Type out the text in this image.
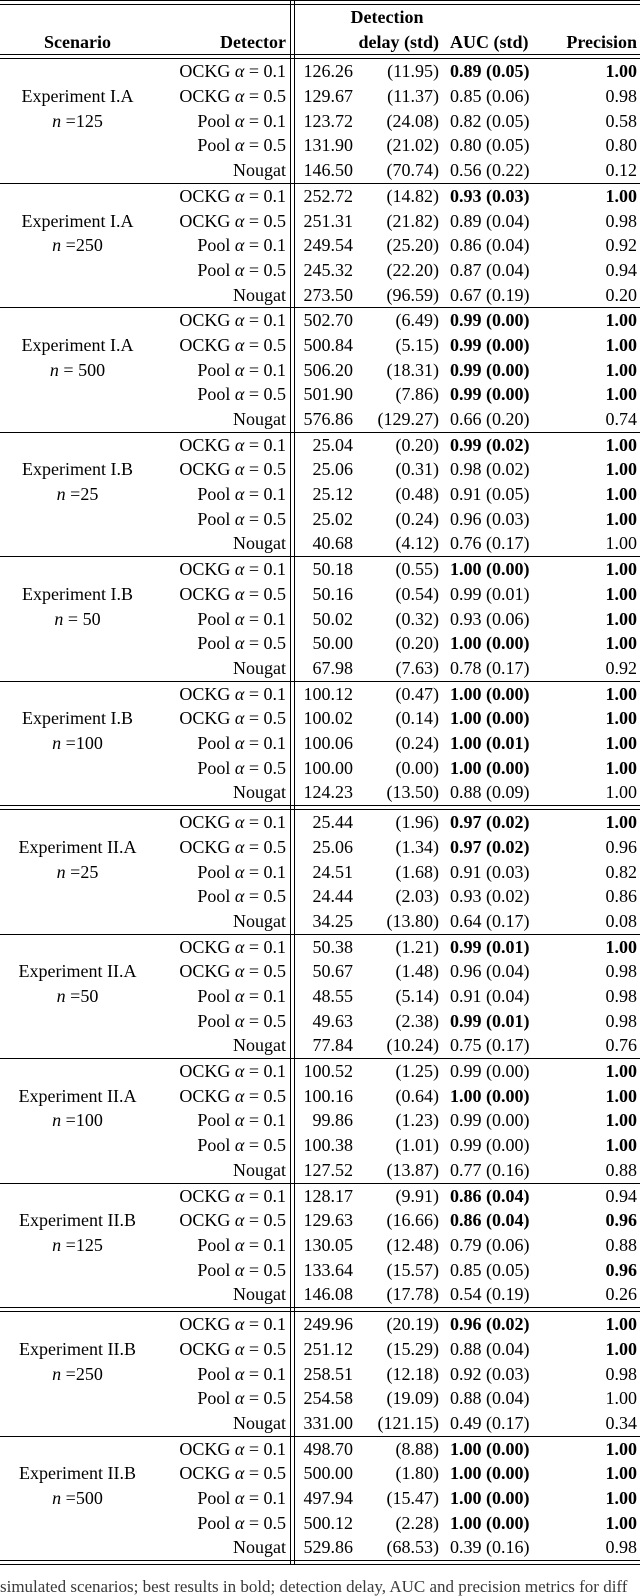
Detection
Scenario	Detector	delay (std) AUC (std)	Precision
Experiment I.A
n =125
OCKG α = 0.1 126.26	(11.95) 0.89 (0.05)	1.00
OCKG α = 0.5 129.67	(11.37) 0.85 (0.06)	0.98
Pool α = 0.1 123.72	(24.08) 0.82 (0.05)	0.58
Pool α = 0.5 131.90	(21.02) 0.80 (0.05)	0.80
Nougat 146.50	(70.74) 0.56 (0.22)	0.12
Experiment I.A
n =250
OCKG α = 0.1 252.72	(14.82) 0.93 (0.03)	1.00
OCKG α = 0.5 251.31	(21.82) 0.89 (0.04)	0.98
Pool α = 0.1 249.54	(25.20) 0.86 (0.04)	0.92
Pool α = 0.5 245.32	(22.20) 0.87 (0.04)	0.94
Nougat 273.50	(96.59) 0.67 (0.19)	0.20
Experiment I.A
n = 500
OCKG α = 0.1 502.70	(6.49) 0.99 (0.00)	1.00
OCKG α = 0.5 500.84	(5.15) 0.99 (0.00)	1.00
Pool α = 0.1 506.20	(18.31) 0.99 (0.00)	1.00
Pool α = 0.5 501.90	(7.86) 0.99 (0.00)	1.00
Nougat 576.86	(129.27) 0.66 (0.20)	0.74
Experiment I.B
n =25
OCKG α = 0.1	25.04	(0.20) 0.99 (0.02)	1.00
OCKG α = 0.5	25.06	(0.31) 0.98 (0.02)	1.00
Pool α = 0.1	25.12	(0.48) 0.91 (0.05)	1.00
Pool α = 0.5	25.02	(0.24) 0.96 (0.03)	1.00
Nougat	40.68	(4.12) 0.76 (0.17)	1.00
Experiment I.B
n = 50
OCKG α = 0.1	50.18	(0.55) 1.00 (0.00)	1.00
OCKG α = 0.5	50.16	(0.54) 0.99 (0.01)	1.00
Pool α = 0.1	50.02	(0.32) 0.93 (0.06)	1.00
Pool α = 0.5	50.00	(0.20) 1.00 (0.00)	1.00
Nougat	67.98	(7.63) 0.78 (0.17)	0.92
Experiment I.B
n =100
OCKG α = 0.1 100.12	(0.47) 1.00 (0.00)	1.00
OCKG α = 0.5 100.02	(0.14) 1.00 (0.00)	1.00
Pool α = 0.1 100.06	(0.24) 1.00 (0.01)	1.00
Pool α = 0.5 100.00	(0.00) 1.00 (0.00)	1.00
Nougat 124.23	(13.50) 0.88 (0.09)	1.00
Experiment II.A
n =25
OCKG α = 0.1	25.44	(1.96) 0.97 (0.02)	1.00
OCKG α = 0.5	25.06	(1.34) 0.97 (0.02)	0.96
Pool α = 0.1	24.51	(1.68) 0.91 (0.03)	0.82
Pool α = 0.5	24.44	(2.03) 0.93 (0.02)	0.86
Nougat	34.25	(13.80) 0.64 (0.17)	0.08
Experiment II.A
n =50
OCKG α = 0.1	50.38	(1.21) 0.99 (0.01)	1.00
OCKG α = 0.5	50.67	(1.48) 0.96 (0.04)	0.98
Pool α = 0.1	48.55	(5.14) 0.91 (0.04)	0.98
Pool α = 0.5	49.63	(2.38) 0.99 (0.01)	0.98
Nougat	77.84	(10.24) 0.75 (0.17)	0.76
Experiment II.A
n =100
OCKG α = 0.1 100.52	(1.25) 0.99 (0.00)	1.00
OCKG α = 0.5 100.16	(0.64) 1.00 (0.00)	1.00
Pool α = 0.1	99.86	(1.23) 0.99 (0.00)	1.00
Pool α = 0.5 100.38	(1.01) 0.99 (0.00)	1.00
Nougat 127.52	(13.87) 0.77 (0.16)	0.88
Experiment II.B
n =125
OCKG α = 0.1 128.17	(9.91) 0.86 (0.04)	0.94
OCKG α = 0.5 129.63	(16.66) 0.86 (0.04)	0.96
Pool α = 0.1 130.05	(12.48) 0.79 (0.06)	0.88
Pool α = 0.5 133.64	(15.57) 0.85 (0.05)	0.96
Nougat 146.08	(17.78) 0.54 (0.19)	0.26
Experiment II.B
n =250
OCKG α = 0.1 249.96	(20.19) 0.96 (0.02)	1.00
OCKG α = 0.5 251.12	(15.29) 0.88 (0.04)	1.00
Pool α = 0.1 258.51	(12.18) 0.92 (0.03)	0.98
Pool α = 0.5 254.58	(19.09) 0.88 (0.04)	1.00
Nougat 331.00	(121.15) 0.49 (0.17)	0.34
Experiment II.B
n =500
OCKG α = 0.1 498.70	(8.88) 1.00 (0.00)	1.00
OCKG α = 0.5 500.00	(1.80) 1.00 (0.00)	1.00
Pool α = 0.1 497.94	(15.47) 1.00 (0.00)	1.00
Pool α = 0.5 500.12	(2.28) 1.00 (0.00)	1.00
Nougat 529.86	(68.53) 0.39 (0.16)	0.98
simulated scenarios; best results in bold; detection delay, AUC and precision metrics for diff
